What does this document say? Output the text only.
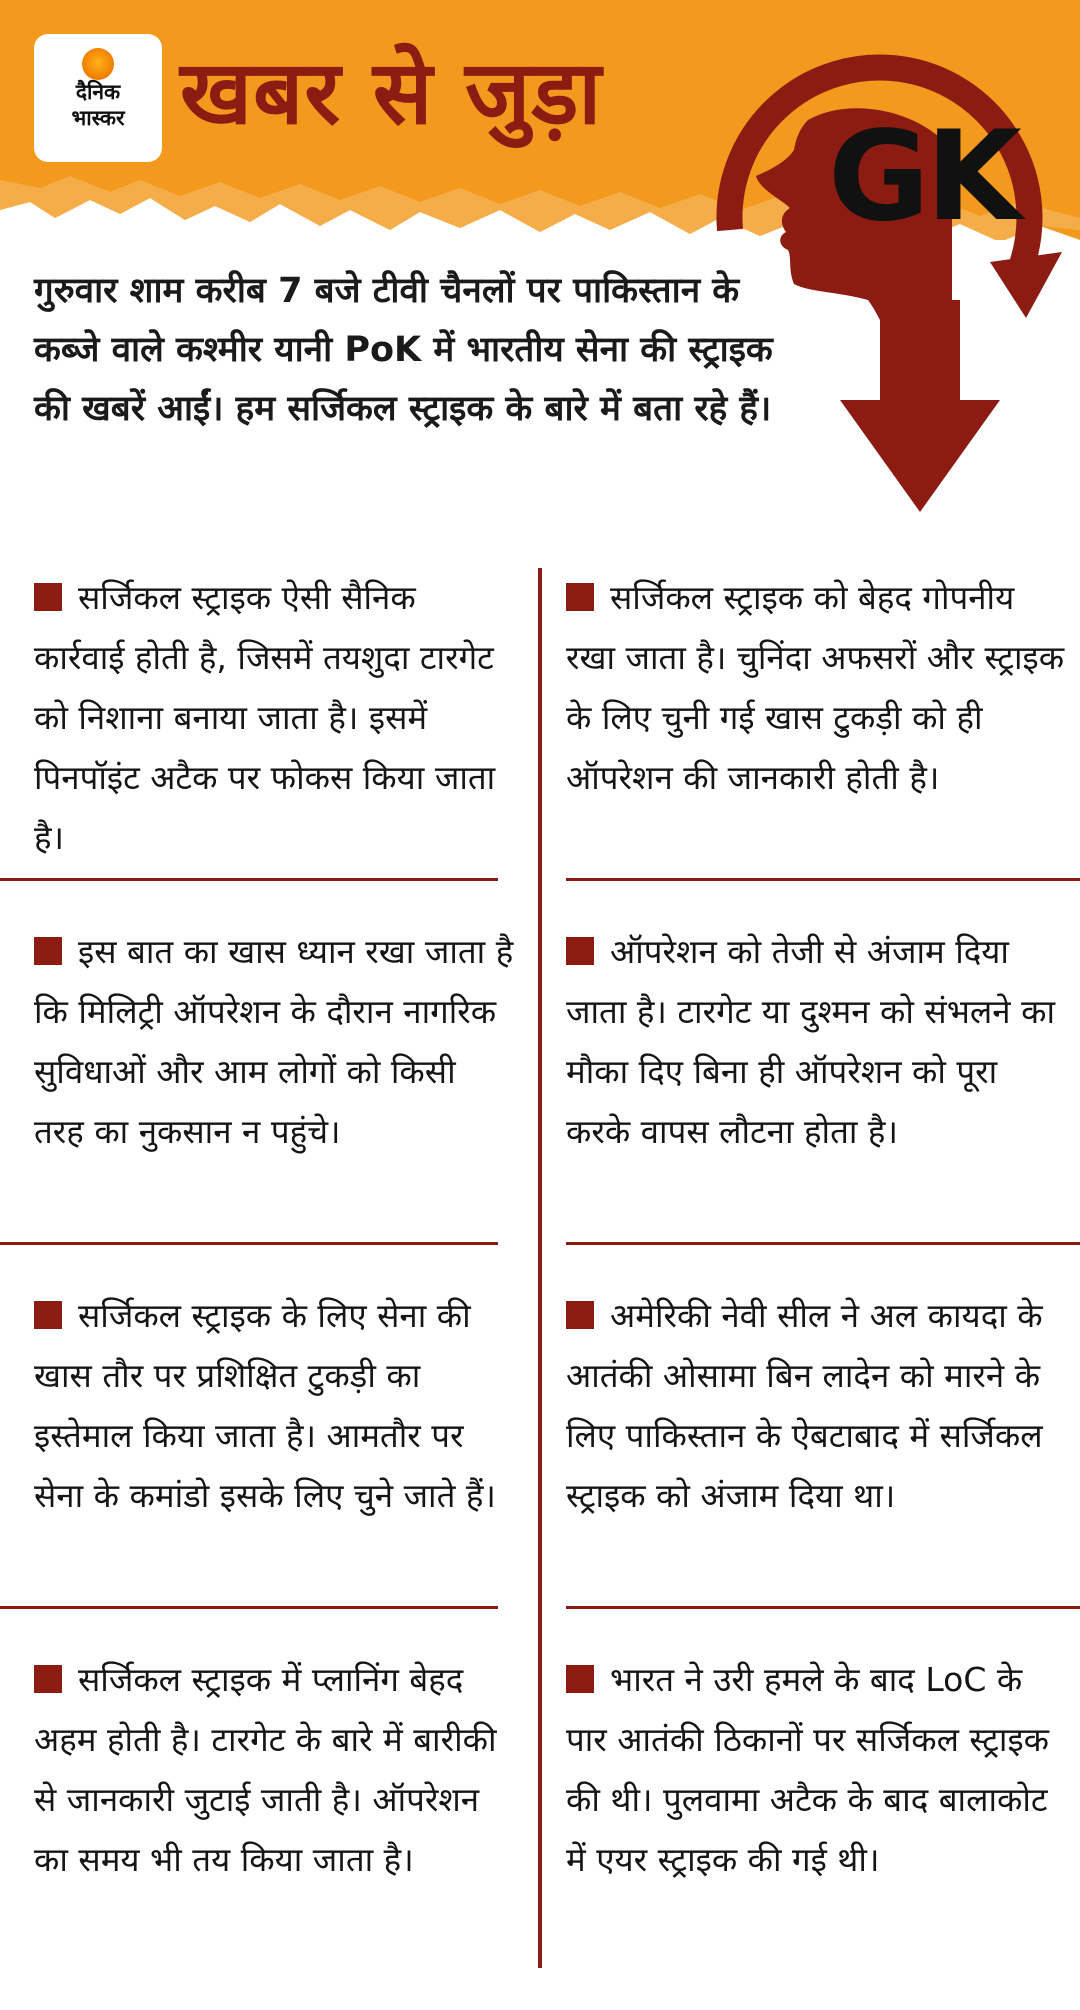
दैनिक
भास्कर खबर से जुड़ा
GK
गुरुवार शाम करीब 7 बजे टीवी चैनलों पर पाकिस्तान के कब्जे वाले कश्मीर यानी PoK में भारतीय सेना की स्ट्राइक की खबरें आईं। हम सर्जिकल स्ट्राइक के बारे में बता रहे हैं।
सर्जिकल स्ट्राइक ऐसी सैनिक कार्रवाई होती है, जिसमें तयशुदा टारगेट को निशाना बनाया जाता है। इसमें पिनपॉइंट अटैक पर फोकस किया जाता है।
सर्जिकल स्ट्राइक को बेहद गोपनीय रखा जाता है। चुनिंदा अफसरों और स्ट्राइक के लिए चुनी गई खास टुकड़ी को ही ऑपरेशन की जानकारी होती है।
इस बात का खास ध्यान रखा जाता है कि मिलिट्री ऑपरेशन के दौरान नागरिक सुविधाओं और आम लोगों को किसी तरह का नुकसान न पहुंचे।
ऑपरेशन को तेजी से अंजाम दिया जाता है। टारगेट या दुश्मन को संभलने का मौका दिए बिना ही ऑपरेशन को पूरा करके वापस लौटना होता है।
सर्जिकल स्ट्राइक के लिए सेना की खास तौर पर प्रशिक्षित टुकड़ी का इस्तेमाल किया जाता है। आमतौर पर सेना के कमांडो इसके लिए चुने जाते हैं।
अमेरिकी नेवी सील ने अल कायदा के आतंकी ओसामा बिन लादेन को मारने के लिए पाकिस्तान के ऐबटाबाद में सर्जिकल स्ट्राइक को अंजाम दिया था।
सर्जिकल स्ट्राइक में प्लानिंग बेहद अहम होती है। टारगेट के बारे में बारीकी से जानकारी जुटाई जाती है। ऑपरेशन का समय भी तय किया जाता है।
भारत ने उरी हमले के बाद LoC के पार आतंकी ठिकानों पर सर्जिकल स्ट्राइक की थी। पुलवामा अटैक के बाद बालाकोट में एयर स्ट्राइक की गई थी।
